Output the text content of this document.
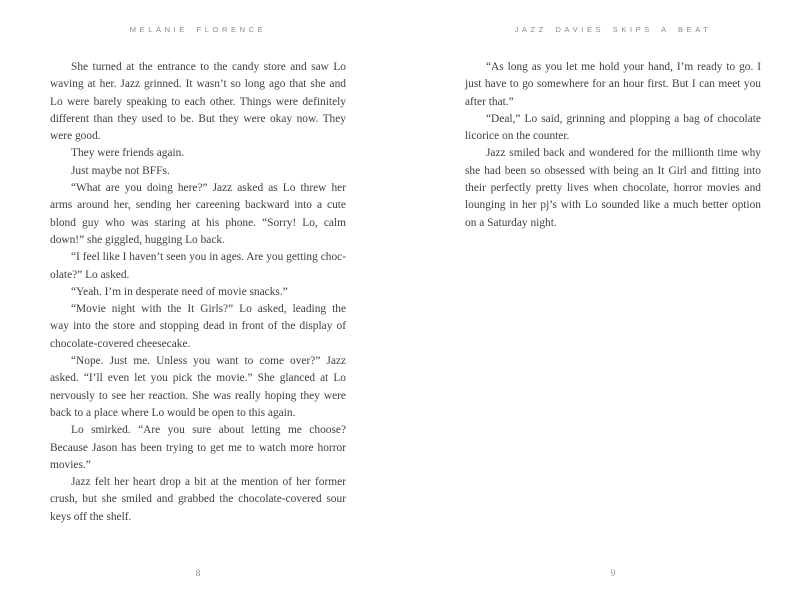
MELANIE FLORENCE
She turned at the entrance to the candy store and saw Lo
waving at her. Jazz grinned. It wasn’t so long ago that she and
Lo were barely speaking to each other. Things were definitely
different than they used to be. But they were okay now. They
were good.
They were friends again.
Just maybe not BFFs.
“What are you doing here?” Jazz asked as Lo threw her
arms around her, sending her careening backward into a cute
blond guy who was staring at his phone. “Sorry! Lo, calm
down!” she giggled, hugging Lo back.
“I feel like I haven’t seen you in ages. Are you getting choc-
olate?” Lo asked.
“Yeah. I’m in desperate need of movie snacks.”
“Movie night with the It Girls?” Lo asked, leading the
way into the store and stopping dead in front of the display of
chocolate-covered cheesecake.
“Nope. Just me. Unless you want to come over?” Jazz
asked. “I’ll even let you pick the movie.” She glanced at Lo
nervously to see her reaction. She was really hoping they were
back to a place where Lo would be open to this again.
Lo smirked. “Are you sure about letting me choose?
Because Jason has been trying to get me to watch more horror
movies.”
Jazz felt her heart drop a bit at the mention of her former
crush, but she smiled and grabbed the chocolate-covered sour
keys off the shelf.
8
JAZZ DAVIES SKIPS A BEAT
“As long as you let me hold your hand, I’m ready to go. I
just have to go somewhere for an hour first. But I can meet you
after that.”
“Deal,” Lo said, grinning and plopping a bag of chocolate
licorice on the counter.
Jazz smiled back and wondered for the millionth time why
she had been so obsessed with being an It Girl and fitting into
their perfectly pretty lives when chocolate, horror movies and
lounging in her pj’s with Lo sounded like a much better option
on a Saturday night.
9
